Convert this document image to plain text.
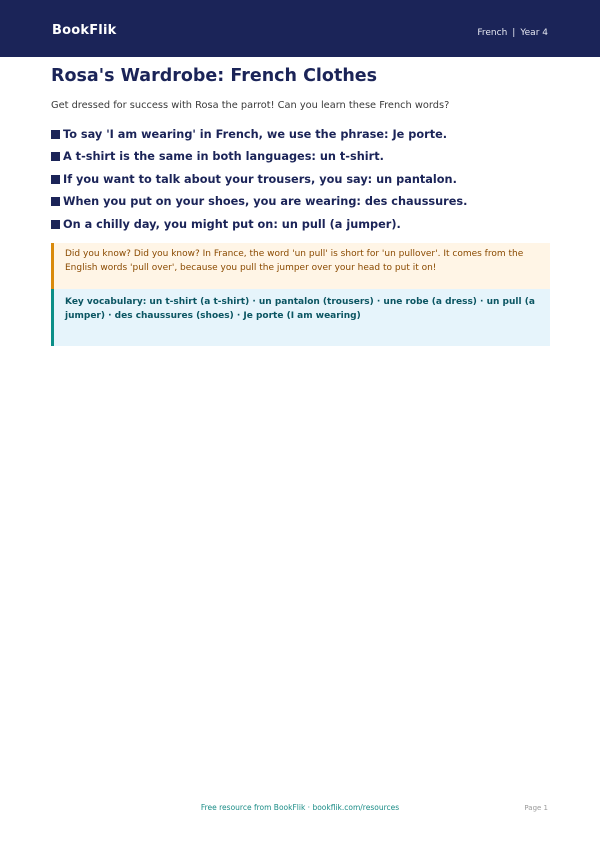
BookFlik	French | Year 4
Rosa's Wardrobe: French Clothes
Get dressed for success with Rosa the parrot! Can you learn these French words?
To say 'I am wearing' in French, we use the phrase: Je porte.
A t-shirt is the same in both languages: un t-shirt.
If you want to talk about your trousers, you say: un pantalon.
When you put on your shoes, you are wearing: des chaussures.
On a chilly day, you might put on: un pull (a jumper).
Did you know? Did you know? In France, the word 'un pull' is short for 'un pullover'. It comes from the English words 'pull over', because you pull the jumper over your head to put it on!
Key vocabulary: un t-shirt (a t-shirt) · un pantalon (trousers) · une robe (a dress) · un pull (a jumper) · des chaussures (shoes) · Je porte (I am wearing)
Free resource from BookFlik · bookflik.com/resources	Page 1
